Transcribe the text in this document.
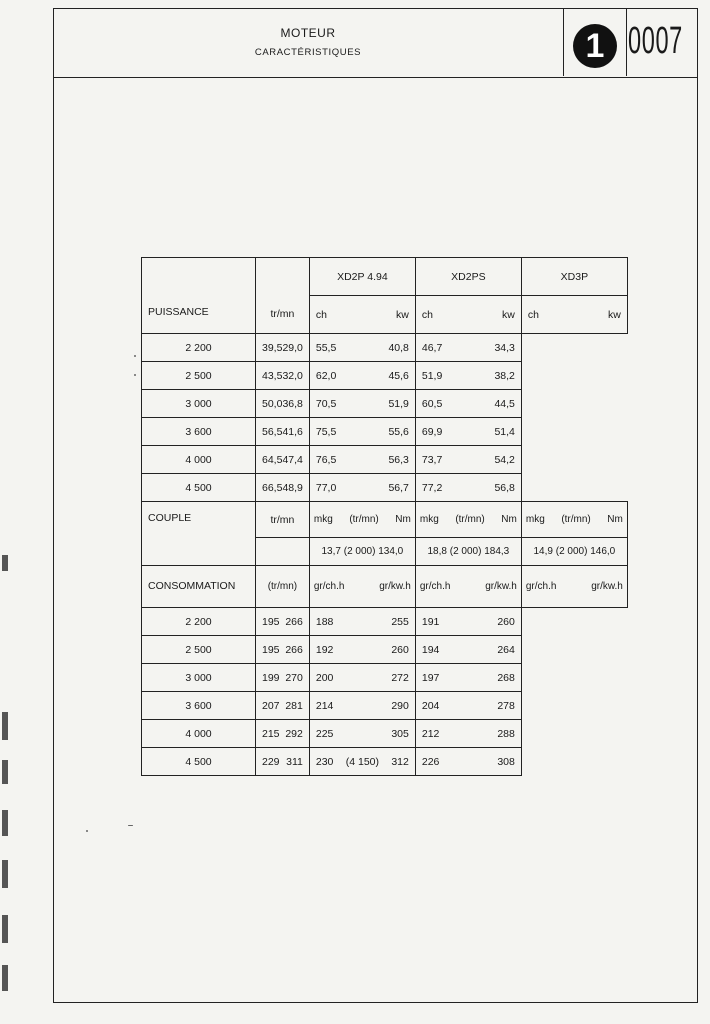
MOTEUR
CARACTÉRISTIQUES	1 0007
PUISSANCE		XD2P 4.94	XD2PS	XD3P
	tr/mn	ch kw	ch kw	ch kw

2 200	39,5 29,0	55,5 40,8	46,7 34,3	

2 500	43,5 32,0	62,0 45,6	51,9 38,2	

3 000	50,0 36,8	70,5 51,9	60,5 44,5	

3 600	56,5 41,6	75,5 55,6	69,9 51,4	

4 000	64,5 47,4	76,5 56,3	73,7 54,2	

4 500	66,5 48,9	77,0 56,7	77,2 56,8	

COUPLE	tr/mn	mkg (tr/mn) Nm	mkg (tr/mn) Nm	mkg (tr/mn) Nm

		13,7 (2 000) 134,0	18,8 (2 000) 184,3	14,9 (2 000) 146,0
CONSOMMATION	(tr/mn)	gr/ch.h gr/kw.h	gr/ch.h gr/kw.h	gr/ch.h gr/kw.h

2 200	195 266	188 255	191 260	

2 500	195 266	192 260	194 264	

3 000	199 270	200 272	197 268	

3 600	207 281	214 290	204 278	

4 000	215 292	225 305	212 288	

4 500	229 311	230 (4 150) 312	226 308	
